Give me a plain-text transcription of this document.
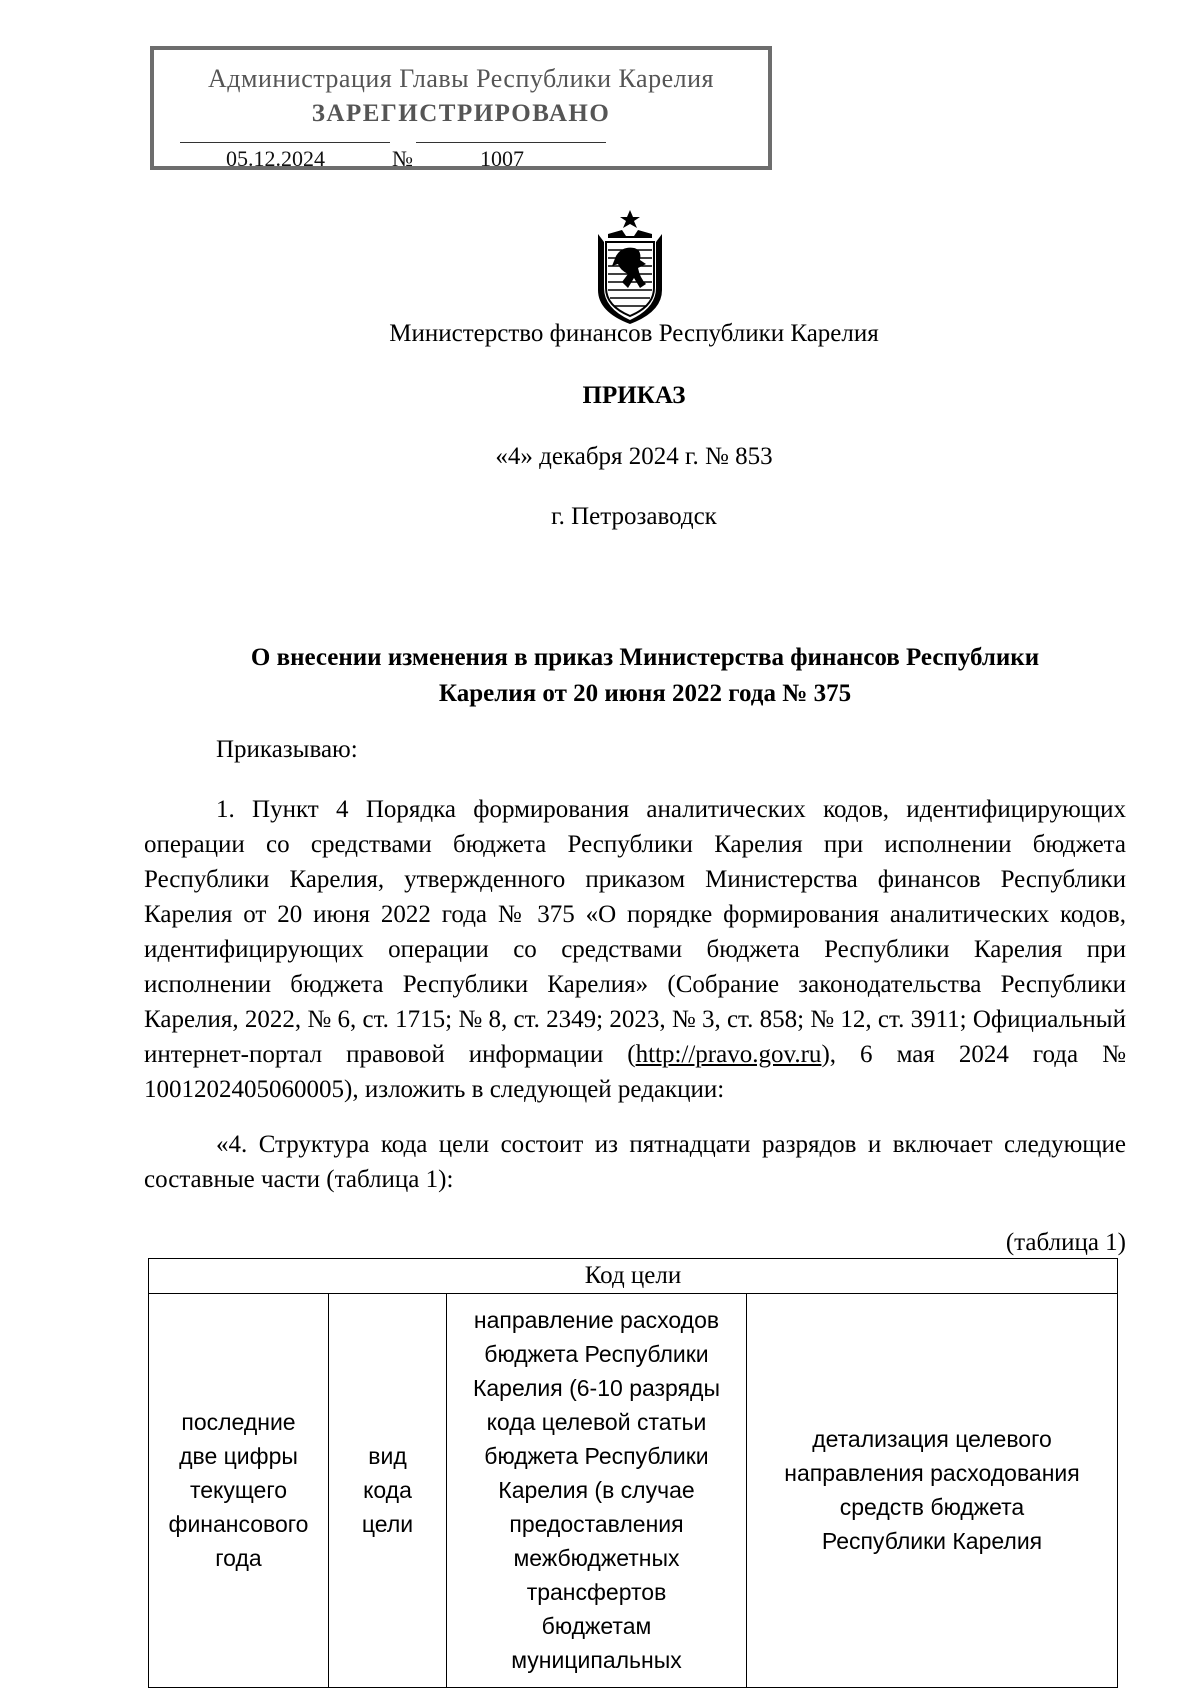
Администрация Главы Республики Карелия
ЗАРЕГИСТРИРОВАНО
05.12.2024	№	1007
Министерство финансов Республики Карелия
ПРИКАЗ
«4» декабря 2024 г. № 853
г. Петрозаводск
О внесении изменения в приказ Министерства финансов Республики
Карелия от 20 июня 2022 года № 375
Приказываю:
1. Пункт 4 Порядка формирования аналитических кодов, идентифицирующих операции со средствами бюджета Республики Карелия при исполнении бюджета Республики Карелия, утвержденного приказом Министерства финансов Республики Карелия от 20 июня 2022 года № 375 «О порядке формирования аналитических кодов, идентифицирующих операции со средствами бюджета Республики Карелия при исполнении бюджета Республики Карелия» (Собрание законодательства Республики Карелия, 2022, № 6, ст. 1715; № 8, ст. 2349; 2023, № 3, ст. 858; № 12, ст. 3911; Официальный интернет-портал правовой информации (http://pravo.gov.ru), 6 мая 2024 года № 1001202405060005), изложить в следующей редакции:
«4. Структура кода цели состоит из пятнадцати разрядов и включает следующие составные части (таблица 1):
(таблица 1)
Код цели
последние
две цифры
текущего
финансового
года
вид
кода
цели
направление расходов
бюджета Республики
Карелия (6-10 разряды
кода целевой статьи
бюджета Республики
Карелия (в случае
предоставления
межбюджетных
трансфертов
бюджетам
муниципальных
детализация целевого
направления расходования
средств бюджета
Республики Карелия
